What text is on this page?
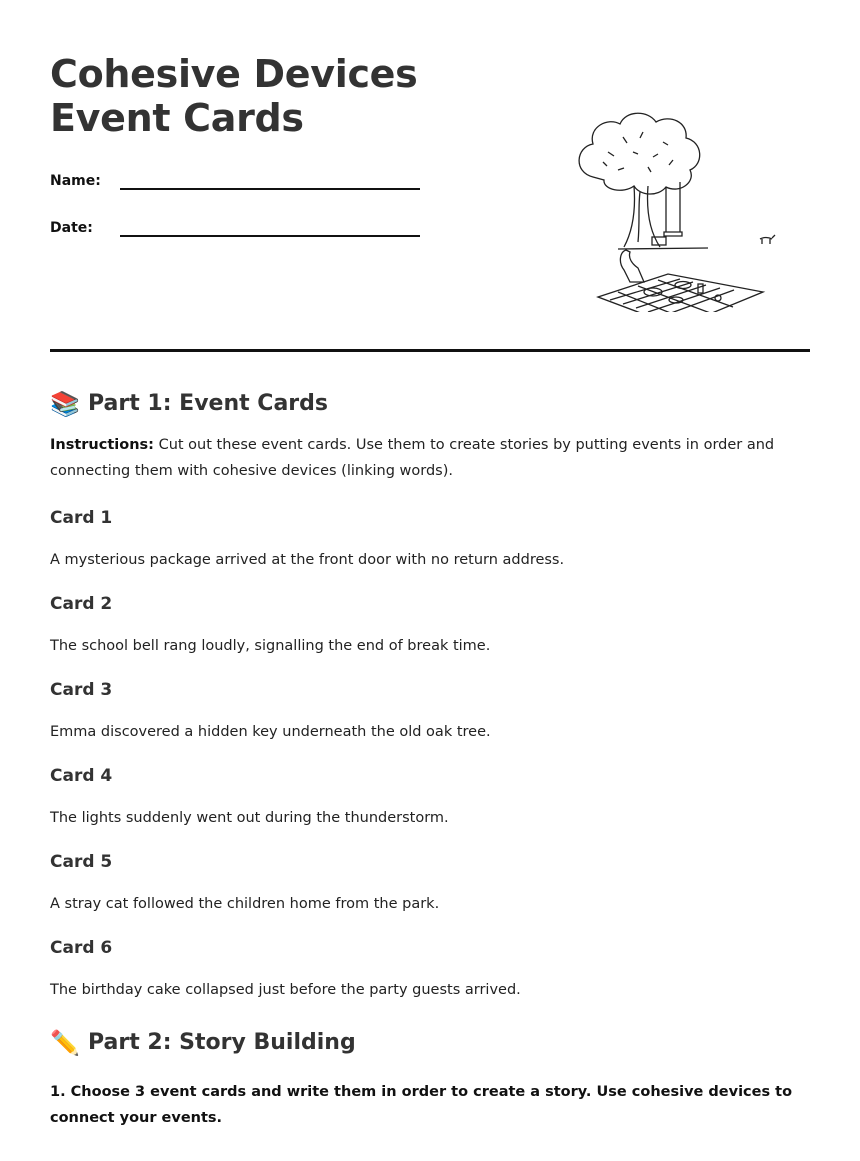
Cohesive Devices Event Cards
Name:
Date:
📚 Part 1: Event Cards
Instructions: Cut out these event cards. Use them to create stories by putting events in order and connecting them with cohesive devices (linking words).
Card 1
A mysterious package arrived at the front door with no return address.
Card 2
The school bell rang loudly, signalling the end of break time.
Card 3
Emma discovered a hidden key underneath the old oak tree.
Card 4
The lights suddenly went out during the thunderstorm.
Card 5
A stray cat followed the children home from the park.
Card 6
The birthday cake collapsed just before the party guests arrived.
✏️ Part 2: Story Building
1. Choose 3 event cards and write them in order to create a story. Use cohesive devices to connect your events.
